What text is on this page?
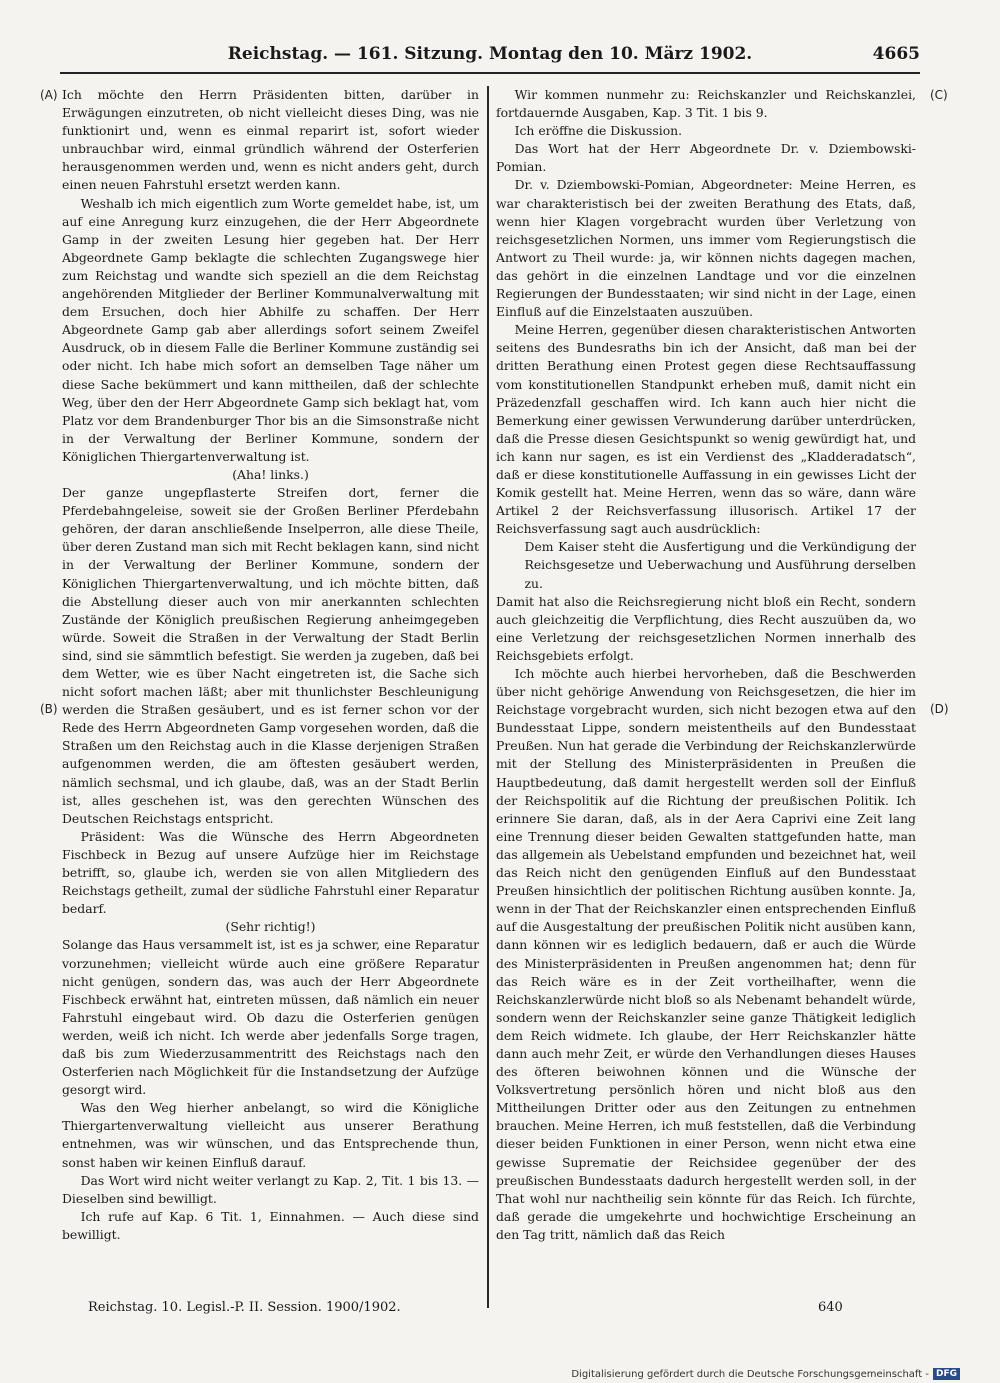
Reichstag. — 161. Sitzung. Montag den 10. März 1902.	4665
(A)
(B)
(C)
(D)

Ich möchte den Herrn Präsidenten bitten, darüber in Erwägungen einzutreten, ob nicht vielleicht dieses Ding, was nie funktionirt und, wenn es einmal reparirt ist, sofort wieder unbrauchbar wird, einmal gründlich während der Osterferien herausgenommen werden und, wenn es nicht anders geht, durch einen neuen Fahrstuhl ersetzt werden kann.

Weshalb ich mich eigentlich zum Worte gemeldet habe, ist, um auf eine Anregung kurz einzugehen, die der Herr Abgeordnete Gamp in der zweiten Lesung hier gegeben hat. Der Herr Abgeordnete Gamp beklagte die schlechten Zugangswege hier zum Reichstag und wandte sich speziell an die dem Reichstag angehörenden Mitglieder der Berliner Kommunalverwaltung mit dem Ersuchen, doch hier Abhilfe zu schaffen. Der Herr Abgeordnete Gamp gab aber allerdings sofort seinem Zweifel Ausdruck, ob in diesem Falle die Berliner Kommune zuständig sei oder nicht. Ich habe mich sofort an demselben Tage näher um diese Sache bekümmert und kann mittheilen, daß der schlechte Weg, über den der Herr Abgeordnete Gamp sich beklagt hat, vom Platz vor dem Brandenburger Thor bis an die Simsonstraße nicht in der Verwaltung der Berliner Kommune, sondern der Königlichen Thiergartenverwaltung ist.

(Aha! links.)

Der ganze ungepflasterte Streifen dort, ferner die Pferdebahngeleise, soweit sie der Großen Berliner Pferdebahn gehören, der daran anschließende Inselperron, alle diese Theile, über deren Zustand man sich mit Recht beklagen kann, sind nicht in der Verwaltung der Berliner Kommune, sondern der Königlichen Thiergartenverwaltung, und ich möchte bitten, daß die Abstellung dieser auch von mir anerkannten schlechten Zustände der Königlich preußischen Regierung anheimgegeben würde. Soweit die Straßen in der Verwaltung der Stadt Berlin sind, sind sie sämmtlich befestigt. Sie werden ja zugeben, daß bei dem Wetter, wie es über Nacht eingetreten ist, die Sache sich nicht sofort machen läßt; aber mit thunlichster Beschleunigung werden die Straßen gesäubert, und es ist ferner schon vor der Rede des Herrn Abgeordneten Gamp vorgesehen worden, daß die Straßen um den Reichstag auch in die Klasse derjenigen Straßen aufgenommen werden, die am öftesten gesäubert werden, nämlich sechsmal, und ich glaube, daß, was an der Stadt Berlin ist, alles geschehen ist, was den gerechten Wünschen des Deutschen Reichstags entspricht.

Präsident: Was die Wünsche des Herrn Abgeordneten Fischbeck in Bezug auf unsere Aufzüge hier im Reichstage betrifft, so, glaube ich, werden sie von allen Mitgliedern des Reichstags getheilt, zumal der südliche Fahrstuhl einer Reparatur bedarf.

(Sehr richtig!)

Solange das Haus versammelt ist, ist es ja schwer, eine Reparatur vorzunehmen; vielleicht würde auch eine größere Reparatur nicht genügen, sondern das, was auch der Herr Abgeordnete Fischbeck erwähnt hat, eintreten müssen, daß nämlich ein neuer Fahrstuhl eingebaut wird. Ob dazu die Osterferien genügen werden, weiß ich nicht. Ich werde aber jedenfalls Sorge tragen, daß bis zum Wiederzusammentritt des Reichstags nach den Osterferien nach Möglichkeit für die Instandsetzung der Aufzüge gesorgt wird.

Was den Weg hierher anbelangt, so wird die Königliche Thiergartenverwaltung vielleicht aus unserer Berathung entnehmen, was wir wünschen, und das Entsprechende thun, sonst haben wir keinen Einfluß darauf.

Das Wort wird nicht weiter verlangt zu Kap. 2, Tit. 1 bis 13. — Dieselben sind bewilligt.

Ich rufe auf Kap. 6 Tit. 1, Einnahmen. — Auch diese sind bewilligt.

Wir kommen nunmehr zu: Reichskanzler und Reichskanzlei, fortdauernde Ausgaben, Kap. 3 Tit. 1 bis 9.

Ich eröffne die Diskussion.

Das Wort hat der Herr Abgeordnete Dr. v. Dziembowski-Pomian.

Dr. v. Dziembowski-Pomian, Abgeordneter: Meine Herren, es war charakteristisch bei der zweiten Berathung des Etats, daß, wenn hier Klagen vorgebracht wurden über Verletzung von reichsgesetzlichen Normen, uns immer vom Regierungstisch die Antwort zu Theil wurde: ja, wir können nichts dagegen machen, das gehört in die einzelnen Landtage und vor die einzelnen Regierungen der Bundesstaaten; wir sind nicht in der Lage, einen Einfluß auf die Einzelstaaten auszuüben.

Meine Herren, gegenüber diesen charakteristischen Antworten seitens des Bundesraths bin ich der Ansicht, daß man bei der dritten Berathung einen Protest gegen diese Rechtsauffassung vom konstitutionellen Standpunkt erheben muß, damit nicht ein Präzedenzfall geschaffen wird. Ich kann auch hier nicht die Bemerkung einer gewissen Verwunderung darüber unterdrücken, daß die Presse diesen Gesichtspunkt so wenig gewürdigt hat, und ich kann nur sagen, es ist ein Verdienst des „Kladderadatsch“, daß er diese konstitutionelle Auffassung in ein gewisses Licht der Komik gestellt hat. Meine Herren, wenn das so wäre, dann wäre Artikel 2 der Reichsverfassung illusorisch. Artikel 17 der Reichsverfassung sagt auch ausdrücklich:

Dem Kaiser steht die Ausfertigung und die Verkündigung der Reichsgesetze und Ueberwachung und Ausführung derselben zu.

Damit hat also die Reichsregierung nicht bloß ein Recht, sondern auch gleichzeitig die Verpflichtung, dies Recht auszuüben da, wo eine Verletzung der reichsgesetzlichen Normen innerhalb des Reichsgebiets erfolgt.

Ich möchte auch hierbei hervorheben, daß die Beschwerden über nicht gehörige Anwendung von Reichsgesetzen, die hier im Reichstage vorgebracht wurden, sich nicht bezogen etwa auf den Bundesstaat Lippe, sondern meistentheils auf den Bundesstaat Preußen. Nun hat gerade die Verbindung der Reichskanzlerwürde mit der Stellung des Ministerpräsidenten in Preußen die Hauptbedeutung, daß damit hergestellt werden soll der Einfluß der Reichspolitik auf die Richtung der preußischen Politik. Ich erinnere Sie daran, daß, als in der Aera Caprivi eine Zeit lang eine Trennung dieser beiden Gewalten stattgefunden hatte, man das allgemein als Uebelstand empfunden und bezeichnet hat, weil das Reich nicht den genügenden Einfluß auf den Bundesstaat Preußen hinsichtlich der politischen Richtung ausüben konnte. Ja, wenn in der That der Reichskanzler einen entsprechenden Einfluß auf die Ausgestaltung der preußischen Politik nicht ausüben kann, dann können wir es lediglich bedauern, daß er auch die Würde des Ministerpräsidenten in Preußen angenommen hat; denn für das Reich wäre es in der Zeit vortheilhafter, wenn die Reichskanzlerwürde nicht bloß so als Nebenamt behandelt würde, sondern wenn der Reichskanzler seine ganze Thätigkeit lediglich dem Reich widmete. Ich glaube, der Herr Reichskanzler hätte dann auch mehr Zeit, er würde den Verhandlungen dieses Hauses des öfteren beiwohnen können und die Wünsche der Volksvertretung persönlich hören und nicht bloß aus den Mittheilungen Dritter oder aus den Zeitungen zu entnehmen brauchen. Meine Herren, ich muß feststellen, daß die Verbindung dieser beiden Funktionen in einer Person, wenn nicht etwa eine gewisse Suprematie der Reichsidee gegenüber der des preußischen Bundesstaats dadurch hergestellt werden soll, in der That wohl nur nachtheilig sein könnte für das Reich. Ich fürchte, daß gerade die umgekehrte und hochwichtige Erscheinung an den Tag tritt, nämlich daß das Reich

Reichstag. 10. Legisl.-P. II. Session. 1900/1902.	640
Digitalisierung gefördert durch die Deutsche Forschungsgemeinschaft - DFG
